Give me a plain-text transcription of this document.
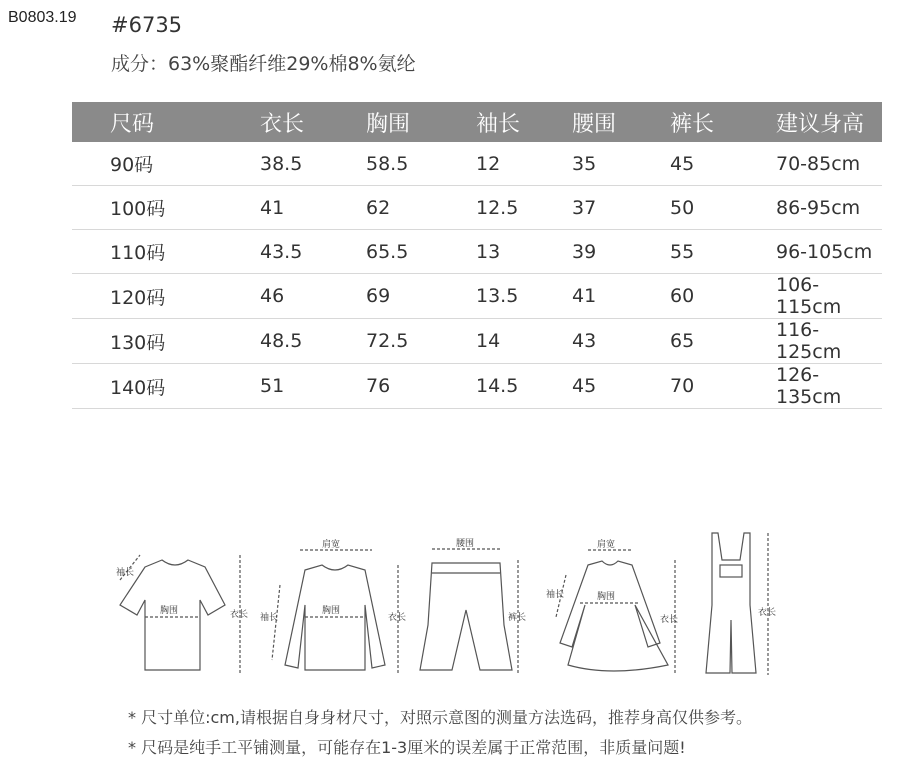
B0803.19 #6735
成分：63%聚酯纤维29%棉8%氨纶
尺码	衣长	胸围	袖长	腰围	裤长	建议身高
90码	38.5	58.5	12	35	45	70-85cm
100码	41	62	12.5	37	50	86-95cm
110码	43.5	65.5	13	39	55	96-105cm
120码	46	69	13.5	41	60	106-115cm
130码	48.5	72.5	14	43	65	116-125cm
140码	51	76	14.5	45	70	126-135cm
袖长
胸围	衣长
肩宽
胸围
衣长
袖长
腰围
裤长
肩宽
胸围
衣长
袖长
衣长
* 尺寸单位:cm,请根据自身身材尺寸，对照示意图的测量方法选码，推荐身高仅供参考。
* 尺码是纯手工平铺测量，可能存在1-3厘米的误差属于正常范围，非质量问题!
